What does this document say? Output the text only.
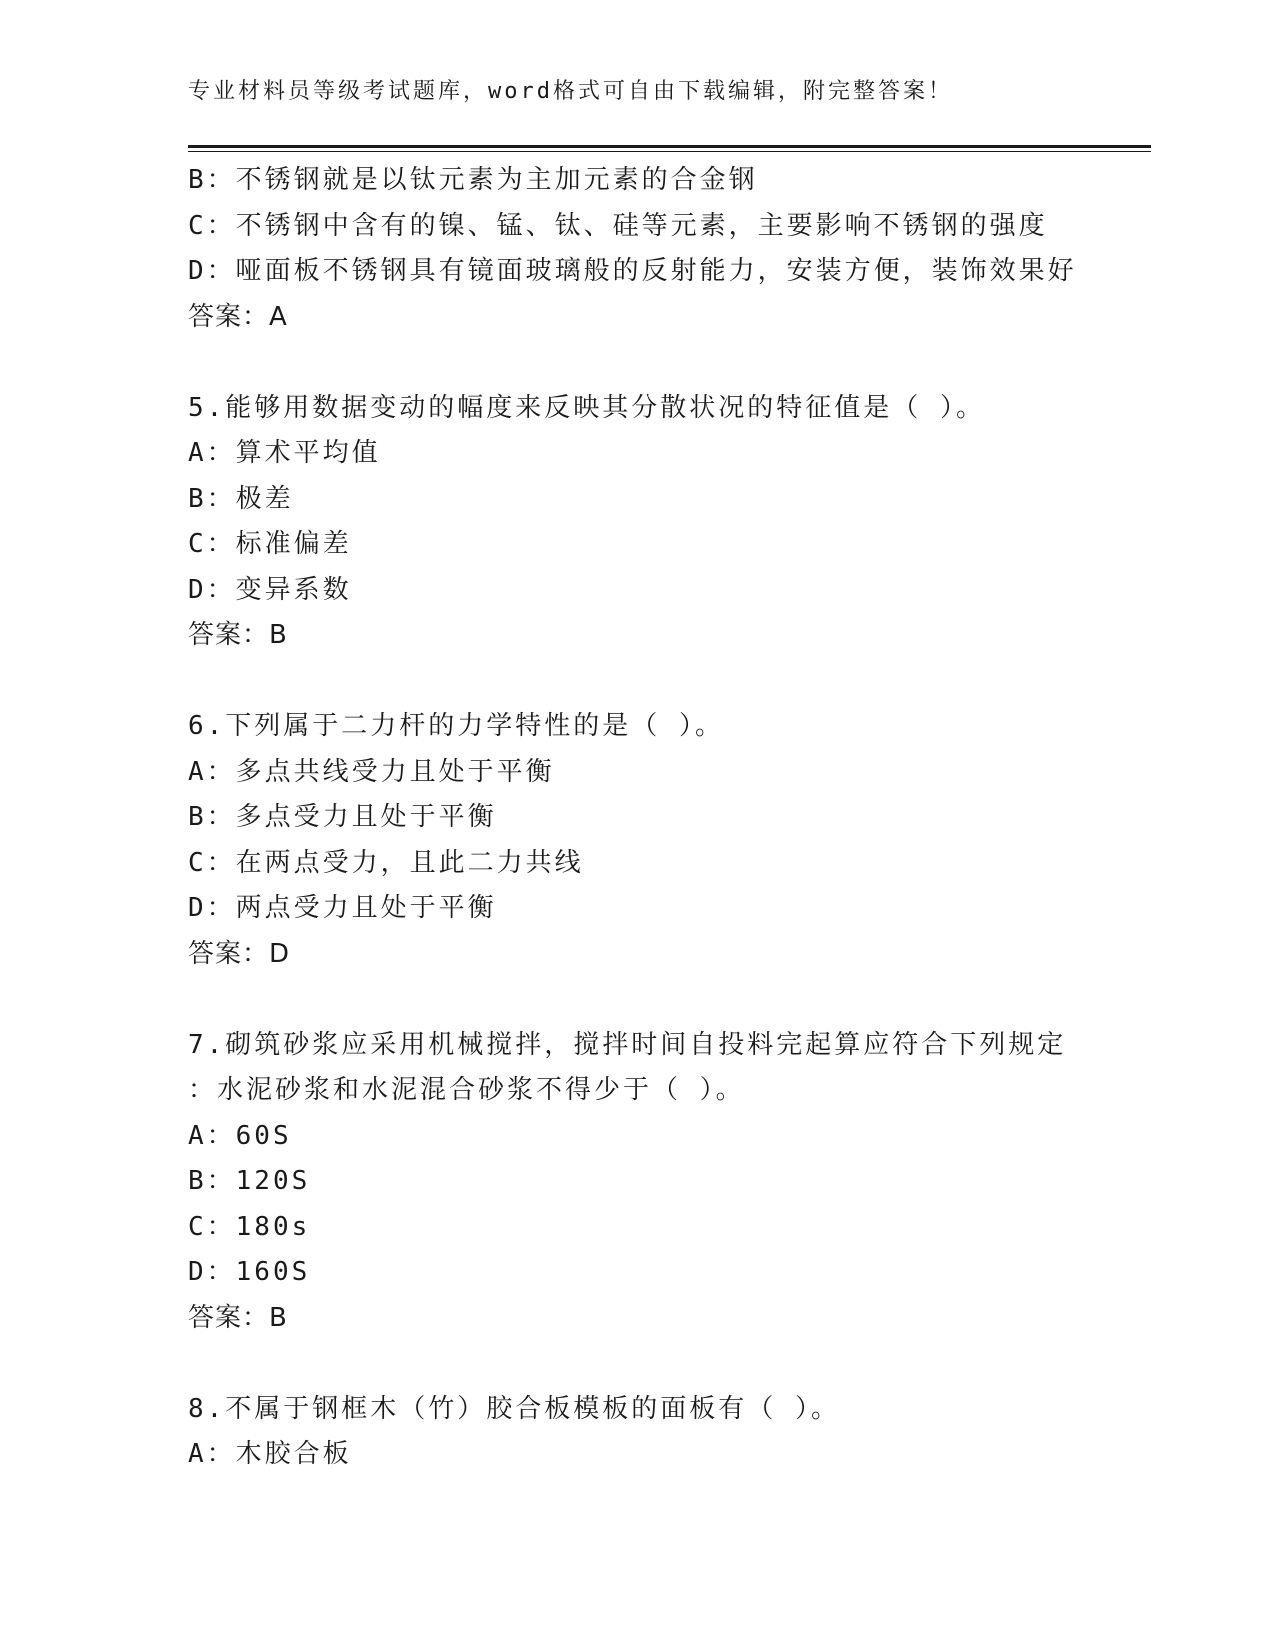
专业材料员等级考试题库，word格式可自由下载编辑，附完整答案！
B：不锈钢就是以钛元素为主加元素的合金钢
C：不锈钢中含有的镍、锰、钛、硅等元素，主要影响不锈钢的强度
D：哑面板不锈钢具有镜面玻璃般的反射能力，安装方便，装饰效果好
答案：A
5.能够用数据变动的幅度来反映其分散状况的特征值是（ ）。
A：算术平均值
B：极差
C：标准偏差
D：变异系数
答案：B
6.下列属于二力杆的力学特性的是（ ）。
A：多点共线受力且处于平衡
B：多点受力且处于平衡
C：在两点受力，且此二力共线
D：两点受力且处于平衡
答案：D
7.砌筑砂浆应采用机械搅拌，搅拌时间自投料完起算应符合下列规定
：水泥砂浆和水泥混合砂浆不得少于（ ）。
A：60S
B：120S
C：180s
D：160S
答案：B
8.不属于钢框木（竹）胶合板模板的面板有（ ）。
A：木胶合板
